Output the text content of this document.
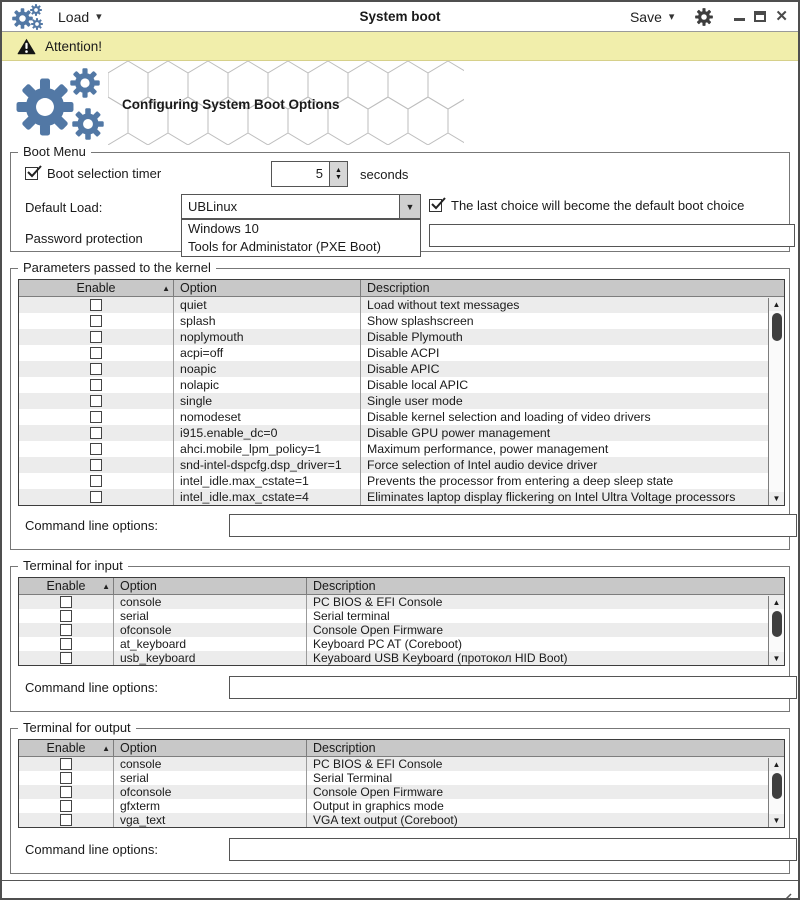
Load ▾	System boot	Save ▾	✕
Attention!
Configuring System Boot Options
Boot Menu
Boot selection timer	5	▲
▼ seconds
Default Load:	UBLinux	▼
Windows 10
Tools for Administator (PXE Boot)
The last choice will become the default boot choice
Password protection
Parameters passed to the kernel
Enable	▲ Option	Description
quiet	Load without text messages
splash	Show splashscreen
noplymouth	Disable Plymouth
acpi=off	Disable ACPI
noapic	Disable APIC
nolapic	Disable local APIC
single	Single user mode
nomodeset	Disable kernel selection and loading of video drivers
i915.enable_dc=0	Disable GPU power management
ahci.mobile_lpm_policy=1	Maximum performance, power management
snd-intel-dspcfg.dsp_driver=1	Force selection of Intel audio device driver
intel_idle.max_cstate=1	Prevents the processor from entering a deep sleep state
intel_idle.max_cstate=4	Eliminates laptop display flickering on Intel Ultra Voltage processors
▲
▼
Command line options:
Terminal for input
Enable ▲ Option	Description
console	PC BIOS & EFI Console
serial	Serial terminal
ofconsole	Console Open Firmware
at_keyboard	Keyboard PC AT (Coreboot)
usb_keyboard	Keyaboard USB Keyboard (протокол HID Boot)
▲
▼
Command line options:
Terminal for output
Enable ▲ Option	Description
console	PC BIOS & EFI Console
serial	Serial Terminal
ofconsole	Console Open Firmware
gfxterm	Output in graphics mode
vga_text	VGA text output (Coreboot)
▲
▼
Command line options:
